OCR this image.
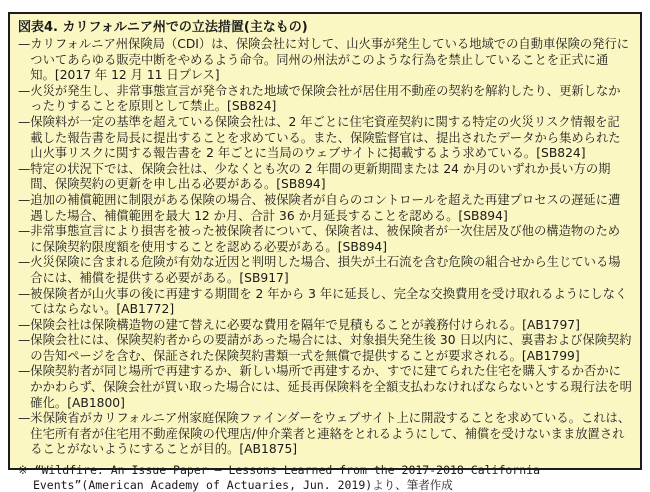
図表4. カリフォルニア州での立法措置(主なもの)

—カリフォルニア州保険局（CDI）は、保険会社に対して、山火事が発生している地域での自動車保険の発行についてあらゆる販売中断をやめるよう命令。同州の州法がこのような行為を禁止していることを正式に通知。[2017 年 12 月 11 日プレス]

—火災が発生し、非常事態宣言が発令された地域で保険会社が居住用不動産の契約を解約したり、更新しなかったりすることを原則として禁止。[SB824]

—保険料が一定の基準を超えている保険会社は、2 年ごとに住宅資産契約に関する特定の火災リスク情報を記載した報告書を局長に提出することを求めている。また、保険監督官は、提出されたデータから集められた山火事リスクに関する報告書を 2 年ごとに当局のウェブサイトに掲載するよう求めている。[SB824]

—特定の状況下では、保険会社は、少なくとも次の 2 年間の更新期間または 24 か月のいずれか長い方の期間、保険契約の更新を申し出る必要がある。[SB894]

—追加の補償範囲に制限がある保険の場合、被保険者が自らのコントロールを超えた再建プロセスの遅延に遭遇した場合、補償範囲を最大 12 か月、合計 36 か月延長することを認める。[SB894]

—非常事態宣言により損害を被った被保険者について、保険者は、被保険者が一次住居及び他の構造物のために保険契約限度額を使用することを認める必要がある。[SB894]

—火災保険に含まれる危険が有効な近因と判明した場合、損失が土石流を含む危険の組合せから生じている場合には、補償を提供する必要がある。[SB917]

—被保険者が山火事の後に再建する期間を 2 年から 3 年に延長し、完全な交換費用を受け取れるようにしなくてはならない。[AB1772]

—保険会社は保険構造物の建て替えに必要な費用を隔年で見積もることが義務付けられる。[AB1797]

—保険会社には、保険契約者からの要請があった場合には、対象損失発生後 30 日以内に、裏書および保険契約の告知ページを含む、保証された保険契約書類一式を無償で提供することが要求される。[AB1799]

—保険契約者が同じ場所で再建するか、新しい場所で再建するか、すでに建てられた住宅を購入するか否かにかかわらず、保険会社が買い取った場合には、延長再保険料を全額支払わなければならないとする現行法を明確化。[AB1800]

—米保険省がカリフォルニア州家庭保険ファインダーをウェブサイト上に開設することを求めている。これは、住宅所有者が住宅用不動産保険の代理店/仲介業者と連絡をとれるようにして、補償を受けないまま放置されることがないようにすることが目的。[AB1875]

※ “Wildfire: An Issue Paper – Lessons Learned from the 2017-2018 California Events”(American Academy of Actuaries, Jun. 2019)より、筆者作成
